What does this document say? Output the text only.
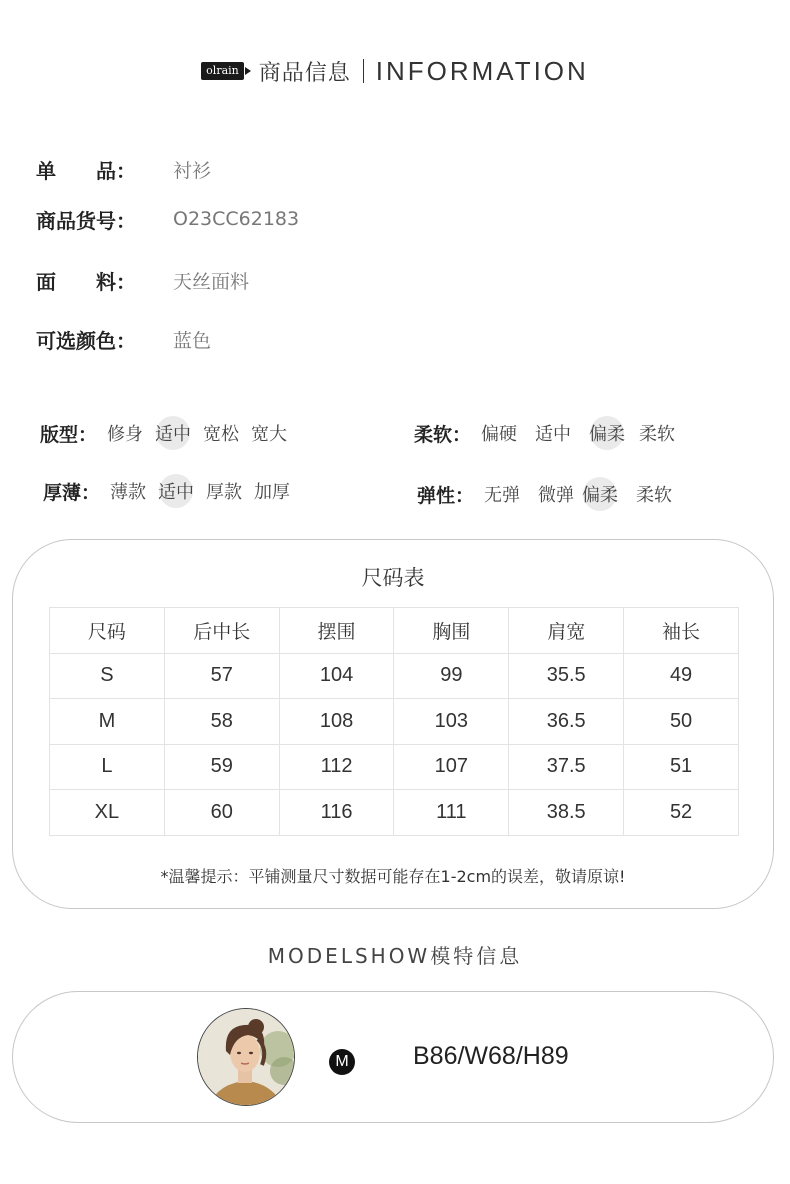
olrain 商品信息 INFORMATION
单　　品：	衬衫
商品货号：	O23CC62183
面　　料：	天丝面料
可选颜色：	蓝色
版型： 修身 适中 宽松 宽大	柔软： 偏硬 适中 偏柔 柔软
厚薄： 薄款 适中 厚款 加厚	弹性： 无弹 微弹 偏柔 柔软
尺码表
尺码	后中长	摆围	胸围	肩宽	袖长
S	57	104	99	35.5	49
M	58	108	103	36.5	50
L	59	112	107	37.5	51
XL	60	116	111	38.5	52
*温馨提示：平铺测量尺寸数据可能存在1-2cm的误差，敬请原谅!
MODELSHOW模特信息
M	B86/W68/H89
